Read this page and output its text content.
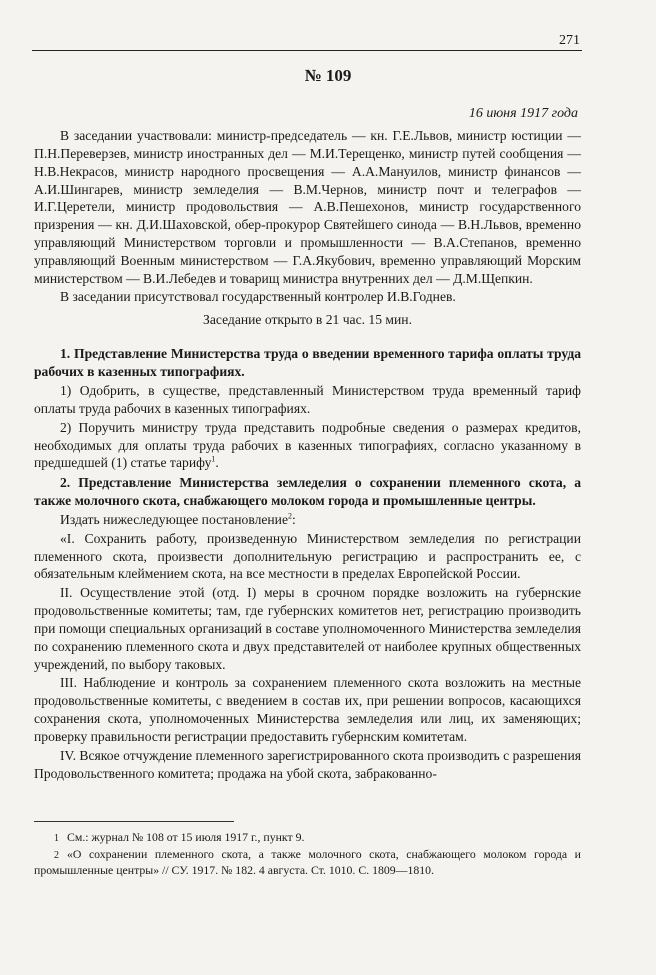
271
№ 109
16 июня 1917 года

В заседании участвовали: министр-председатель — кн. Г.Е.Львов, министр юстиции — П.Н.Переверзев, министр иностранных дел — М.И.Терещенко, министр путей сообщения — Н.В.Некрасов, министр народного просвещения — А.А.Мануилов, министр финансов — А.И.Шингарев, министр земледелия — В.М.Чернов, министр почт и телеграфов — И.Г.Церетели, министр продовольствия — А.В.Пешехонов, министр государственного призрения — кн. Д.И.Шаховской, обер-прокурор Святейшего синода — В.Н.Львов, временно управляющий Министерством торговли и промышленности — В.А.Степанов, временно управляющий Военным министерством — Г.А.Якубович, временно управляющий Морским министерством — В.И.Лебедев и товарищ министра внутренних дел — Д.М.Щепкин.

В заседании присутствовал государственный контролер И.В.Годнев.

Заседание открыто в 21 час. 15 мин.

1. Представление Министерства труда о введении временного тарифа оплаты труда рабочих в казенных типографиях.

1) Одобрить, в существе, представленный Министерством труда временный тариф оплаты труда рабочих в казенных типографиях.

2) Поручить министру труда представить подробные сведения о размерах кредитов, необходимых для оплаты труда рабочих в казенных типографиях, согласно указанному в предшедшей (1) статье тарифу$^1$.

2. Представление Министерства земледелия о сохранении племенного скота, а также молочного скота, снабжающего молоком города и промышленные центры.

Издать нижеследующее постановление$^2$:

«I. Сохранить работу, произведенную Министерством земледелия по регистрации племенного скота, произвести дополнительную регистрацию и распространить ее, с обязательным клеймением скота, на все местности в пределах Европейской России.

II. Осуществление этой (отд. I) меры в срочном порядке возложить на губернские продовольственные комитеты; там, где губернских комитетов нет, регистрацию производить при помощи специальных организаций в составе уполномоченного Министерства земледелия по сохранению племенного скота и двух представителей от наиболее крупных общественных учреждений, по выбору таковых.

III. Наблюдение и контроль за сохранением племенного скота возложить на местные продовольственные комитеты, с введением в состав их, при решении вопросов, касающихся сохранения скота, уполномоченных Министерства земледелия или лиц, их заменяющих; проверку правильности регистрации предоставить губернским комитетам.

IV. Всякое отчуждение племенного зарегистрированного скота производить с разрешения Продовольственного комитета; продажа на убой скота, забракованно-

1 См.: журнал № 108 от 15 июля 1917 г., пункт 9.

2 «О сохранении племенного скота, а также молочного скота, снабжающего молоком города и промышленные центры» // СУ. 1917. № 182. 4 августа. Ст. 1010. С. 1809—1810.
